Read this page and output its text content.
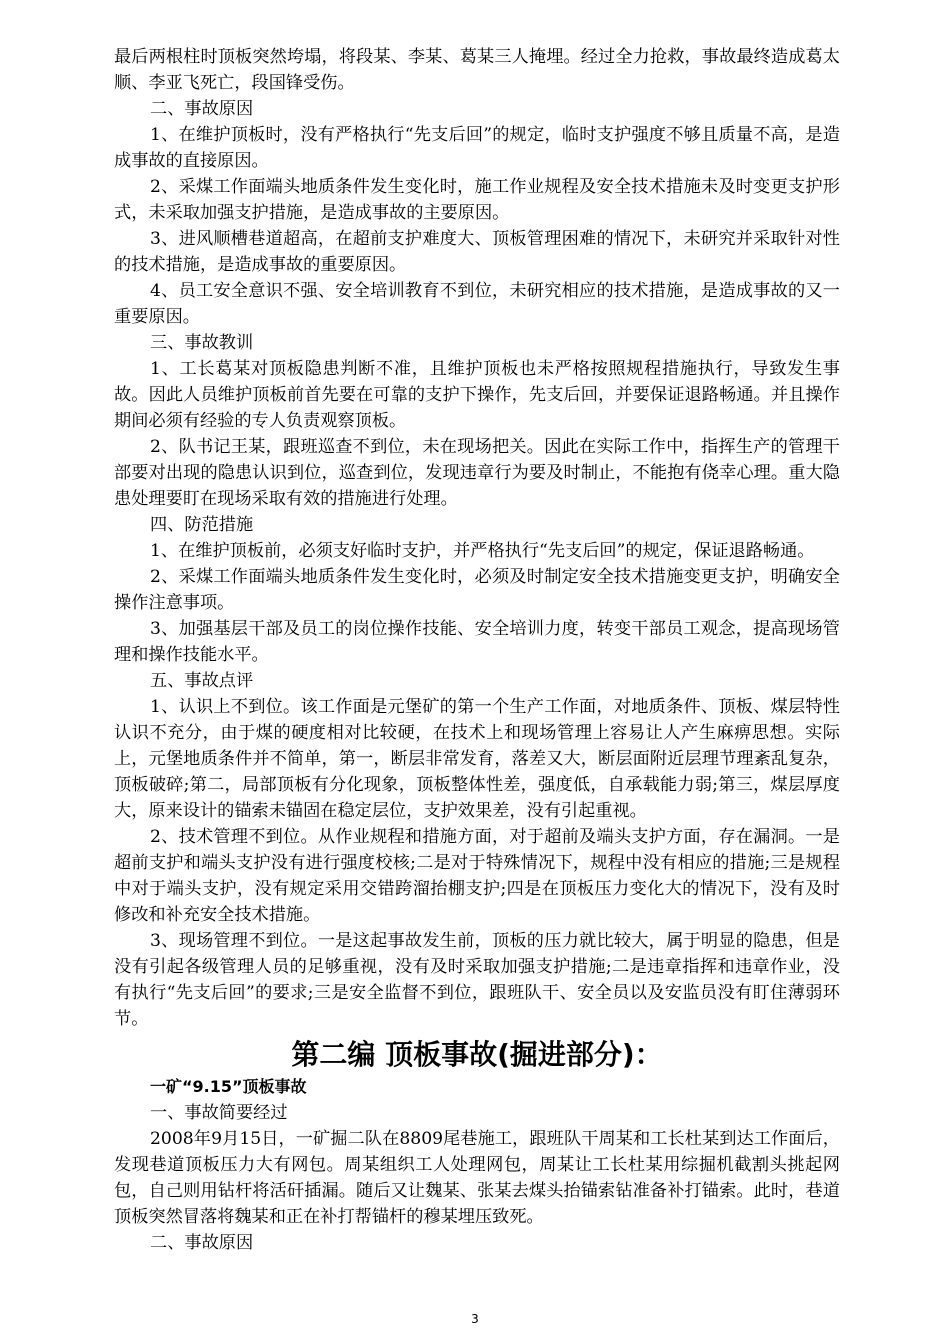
最后两根柱时顶板突然垮塌，将段某、李某、葛某三人掩埋。经过全力抢救，事故最终造成葛太顺、李亚飞死亡，段国锋受伤。

二、事故原因

1、在维护顶板时，没有严格执行“先支后回”的规定，临时支护强度不够且质量不高，是造成事故的直接原因。

2、采煤工作面端头地质条件发生变化时，施工作业规程及安全技术措施未及时变更支护形式，未采取加强支护措施，是造成事故的主要原因。

3、进风顺槽巷道超高，在超前支护难度大、顶板管理困难的情况下，未研究并采取针对性的技术措施，是造成事故的重要原因。

4、员工安全意识不强、安全培训教育不到位，未研究相应的技术措施，是造成事故的又一重要原因。

三、事故教训

1、工长葛某对顶板隐患判断不准，且维护顶板也未严格按照规程措施执行，导致发生事故。因此人员维护顶板前首先要在可靠的支护下操作，先支后回，并要保证退路畅通。并且操作期间必须有经验的专人负责观察顶板。

2、队书记王某，跟班巡查不到位，未在现场把关。因此在实际工作中，指挥生产的管理干部要对出现的隐患认识到位，巡查到位，发现违章行为要及时制止，不能抱有侥幸心理。重大隐患处理要盯在现场采取有效的措施进行处理。

四、防范措施

1、在维护顶板前，必须支好临时支护，并严格执行“先支后回”的规定，保证退路畅通。

2、采煤工作面端头地质条件发生变化时，必须及时制定安全技术措施变更支护，明确安全操作注意事项。

3、加强基层干部及员工的岗位操作技能、安全培训力度，转变干部员工观念，提高现场管理和操作技能水平。

五、事故点评

1、认识上不到位。该工作面是元堡矿的第一个生产工作面，对地质条件、顶板、煤层特性认识不充分，由于煤的硬度相对比较硬，在技术上和现场管理上容易让人产生麻痹思想。实际上，元堡地质条件并不简单，第一，断层非常发育，落差又大，断层面附近层理节理紊乱复杂，顶板破碎;第二，局部顶板有分化现象，顶板整体性差，强度低，自承载能力弱;第三，煤层厚度大，原来设计的锚索未锚固在稳定层位，支护效果差，没有引起重视。

2、技术管理不到位。从作业规程和措施方面，对于超前及端头支护方面，存在漏洞。一是超前支护和端头支护没有进行强度校核;二是对于特殊情况下，规程中没有相应的措施;三是规程中对于端头支护，没有规定采用交错跨溜抬棚支护;四是在顶板压力变化大的情况下，没有及时修改和补充安全技术措施。

3、现场管理不到位。一是这起事故发生前，顶板的压力就比较大，属于明显的隐患，但是没有引起各级管理人员的足够重视，没有及时采取加强支护措施;二是违章指挥和违章作业，没有执行“先支后回”的要求;三是安全监督不到位，跟班队干、安全员以及安监员没有盯住薄弱环节。

第二编 顶板事故(掘进部分)：

一矿“9.15”顶板事故

一、事故简要经过

2008年9月15日，一矿掘二队在8809尾巷施工，跟班队干周某和工长杜某到达工作面后，发现巷道顶板压力大有网包。周某组织工人处理网包，周某让工长杜某用综掘机截割头挑起网包，自己则用钻杆将活矸插漏。随后又让魏某、张某去煤头抬锚索钻准备补打锚索。此时，巷道顶板突然冒落将魏某和正在补打帮锚杆的穆某埋压致死。

二、事故原因

3
